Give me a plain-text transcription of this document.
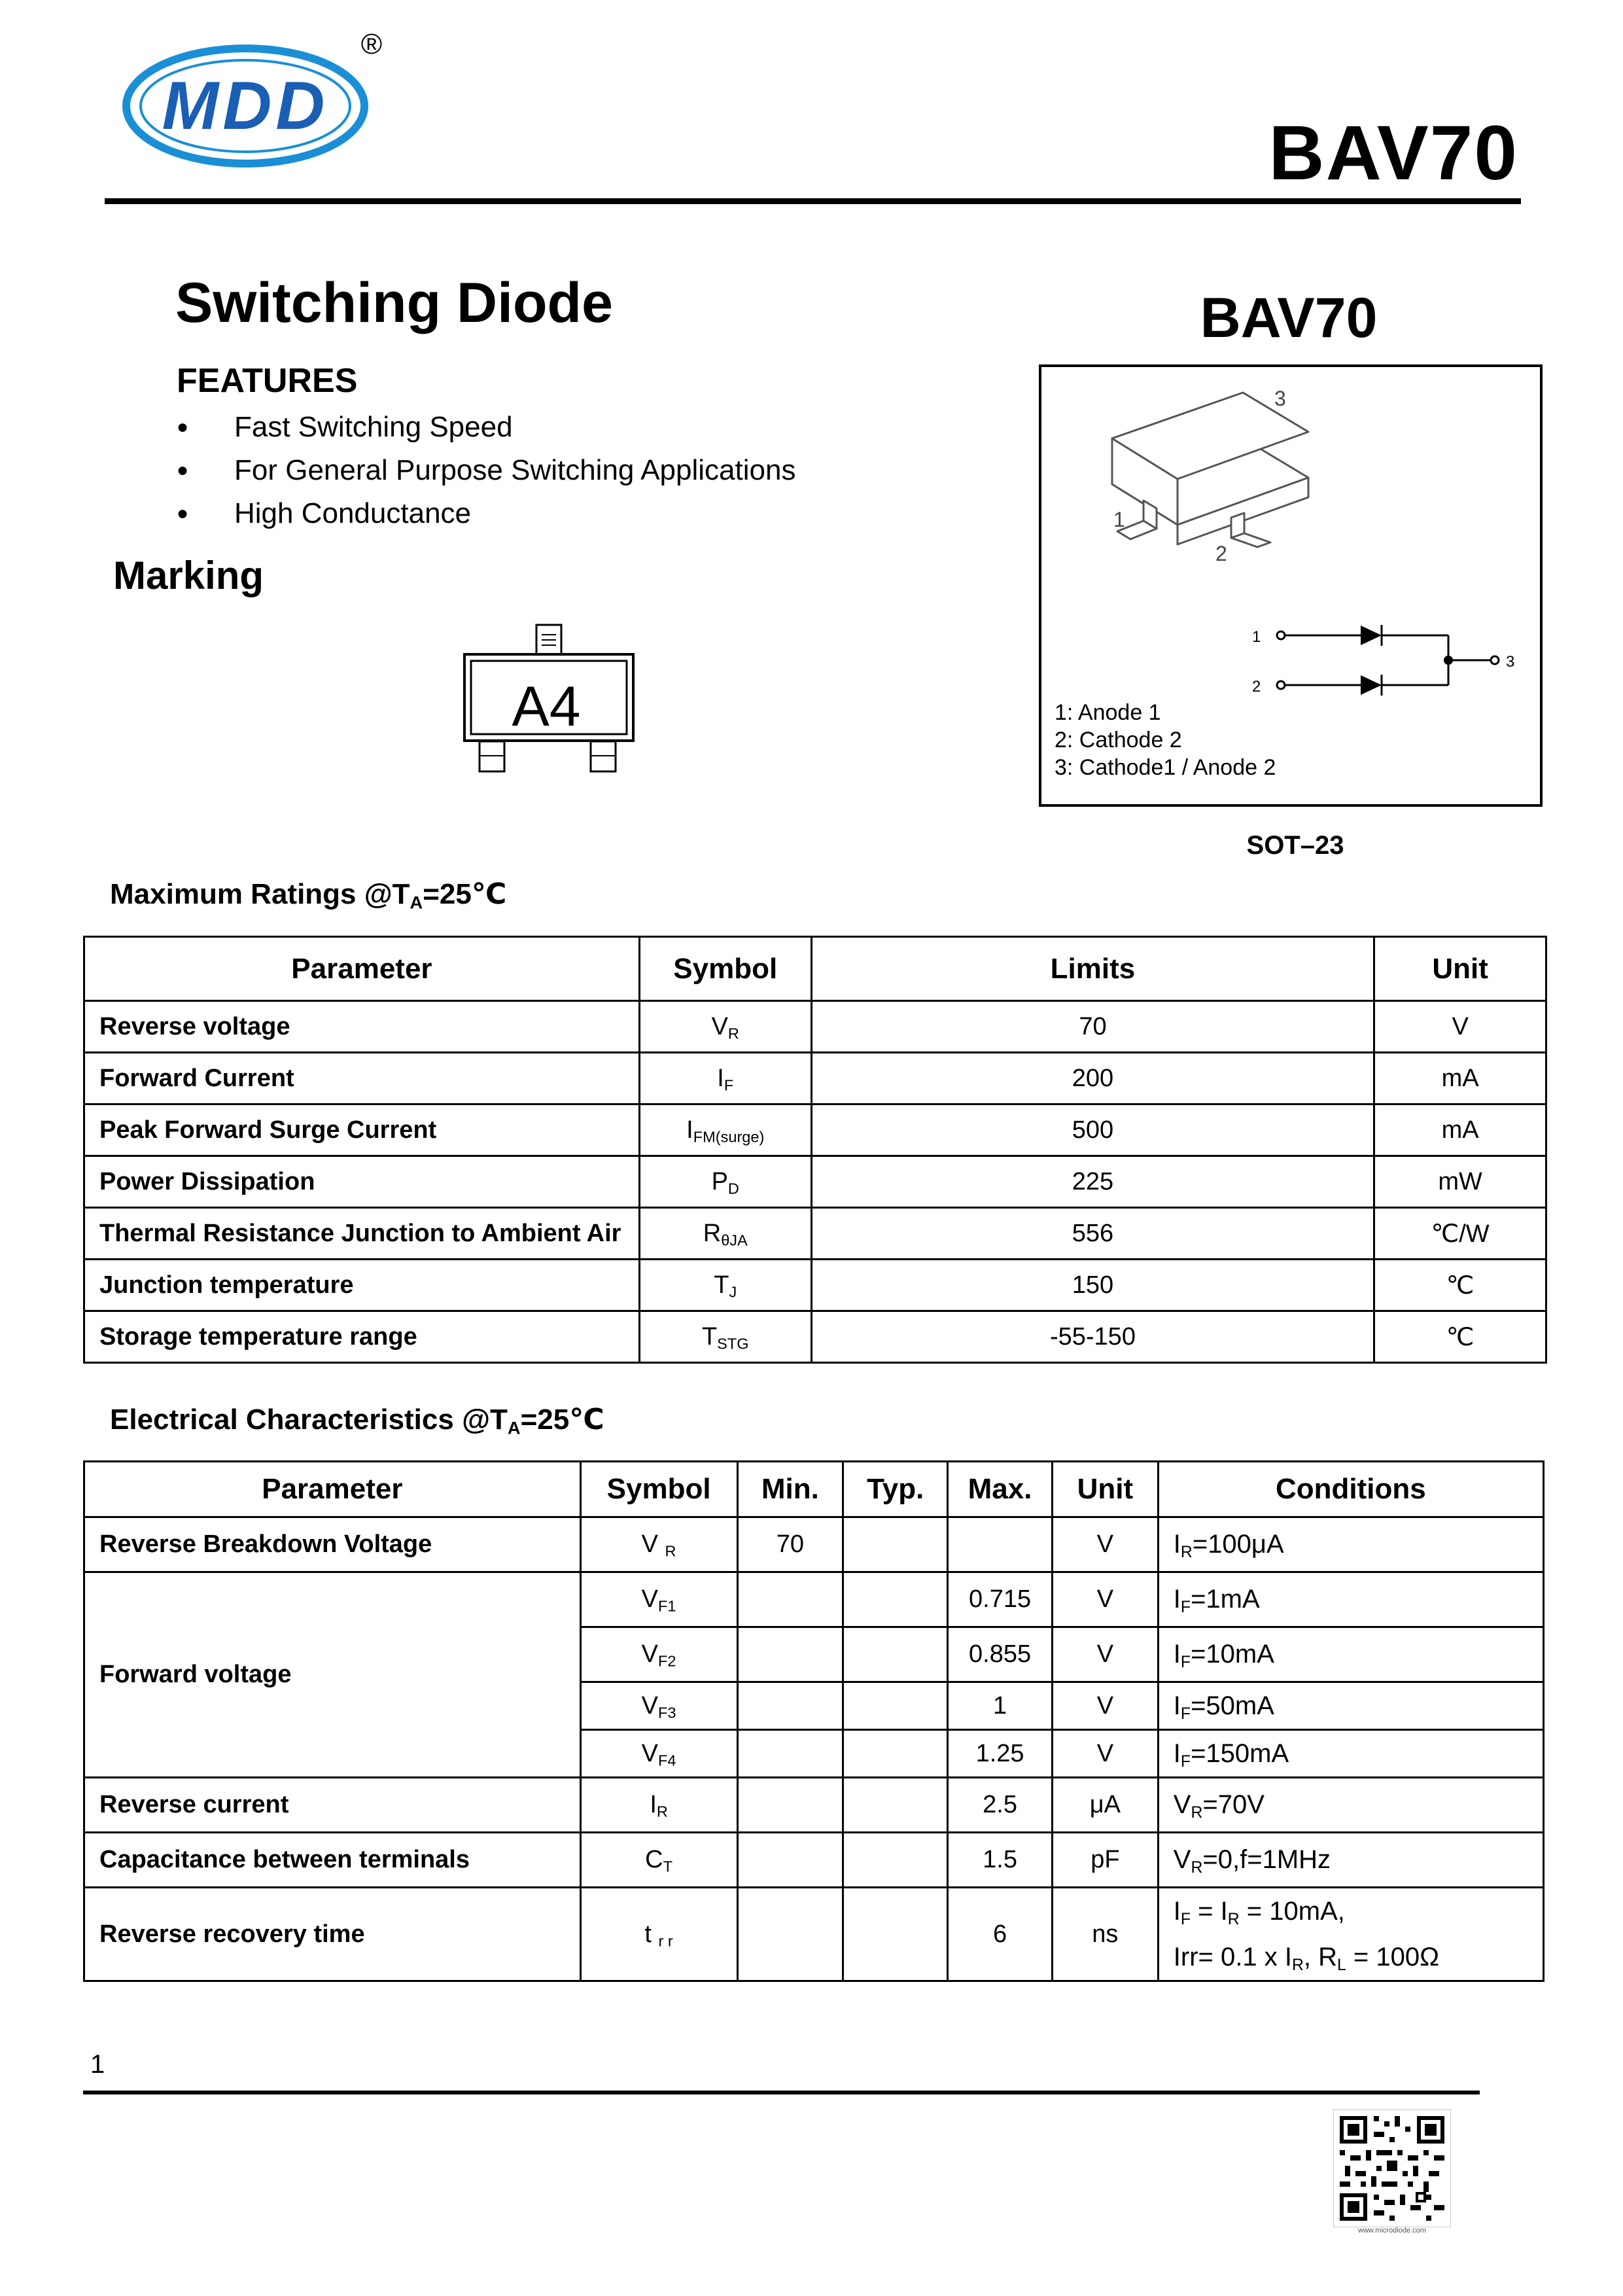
MDD
®
BAV70
Switching Diode
FEATURES
● Fast Switching Speed
● For General Purpose Switching Applications
● High Conductance
Marking
A4
BAV70
3
1
2
1
2
3
1: Anode 1
2: Cathode 2
3: Cathode1 / Anode 2
SOT–23
Maximum Ratings $@T_A=25℃$
Parameter	Symbol	Limits	Unit
Reverse voltage	$V_R$	70	V
Forward Current	$I_F$	200	mA
Peak Forward Surge Current	$I_{FM(surge)}$	500	mA
Power Dissipation	$P_D$	225	mW
Thermal Resistance Junction to Ambient Air	$R_{\theta JA}$	556	℃/W
Junction temperature	$T_J$	150	℃
Storage temperature range	$T_{STG}$	-55-150	℃
Electrical Characteristics $@T_A=25℃$
Parameter	Symbol	Min.	Typ.	Max.	Unit	Conditions
Reverse Breakdown Voltage	V $_R$	70			V	$I_R=100\mu A$
Forward voltage	$V_{F1}$			0.715	V	$I_F=1mA$
	$V_{F2}$			0.855	V	$I_F=10mA$
	$V_{F3}$			1	V	$I_F=50mA$
	$V_{F4}$			1.25	V	$I_F=150mA$
Reverse current	$I_R$			2.5	μA	$V_R=70V$
Capacitance between terminals	$C_T$			1.5	pF	$V_R=0,f=1MHz$
Reverse recovery time	t $_{r r}$			6	ns	$I_F = I_R = 10mA$,
Irr= 0.1 x $I_R$, $R_L = 100\Omega$
1
www.microdiode.com
